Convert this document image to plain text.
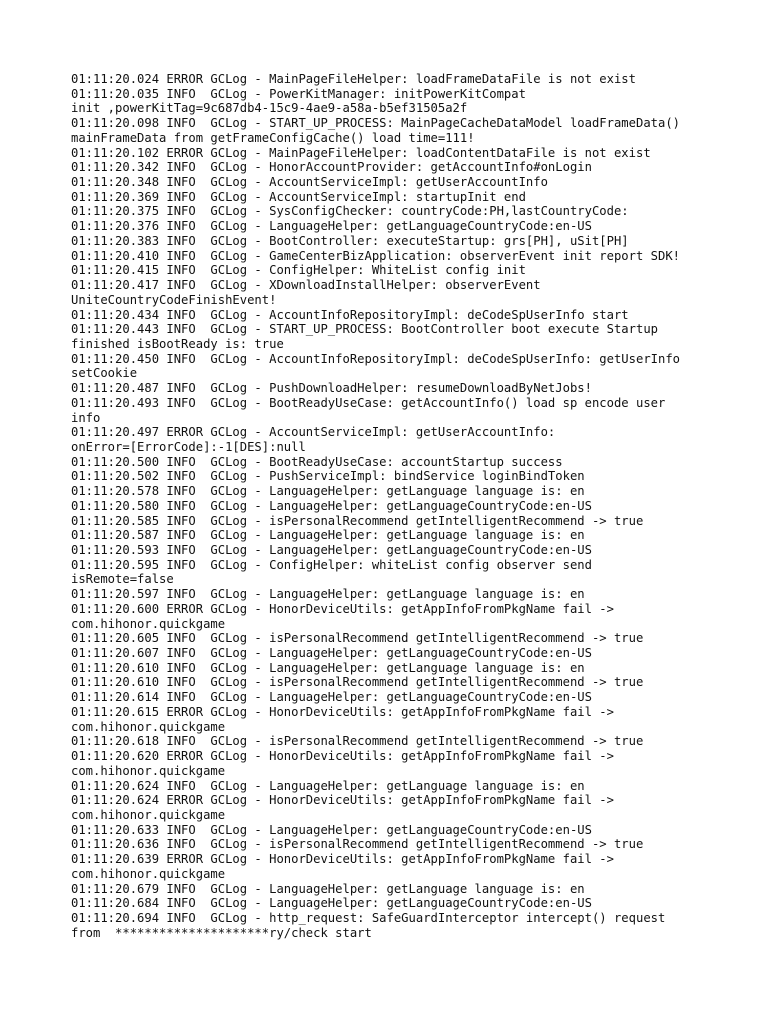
01:11:20.024 ERROR GCLog - MainPageFileHelper: loadFrameDataFile is not exist
01:11:20.035 INFO  GCLog - PowerKitManager: initPowerKitCompat
init ,powerKitTag=9c687db4-15c9-4ae9-a58a-b5ef31505a2f
01:11:20.098 INFO  GCLog - START_UP_PROCESS: MainPageCacheDataModel loadFrameData()
mainFrameData from getFrameConfigCache() load time=111!
01:11:20.102 ERROR GCLog - MainPageFileHelper: loadContentDataFile is not exist
01:11:20.342 INFO  GCLog - HonorAccountProvider: getAccountInfo#onLogin
01:11:20.348 INFO  GCLog - AccountServiceImpl: getUserAccountInfo
01:11:20.369 INFO  GCLog - AccountServiceImpl: startupInit end
01:11:20.375 INFO  GCLog - SysConfigChecker: countryCode:PH,lastCountryCode:
01:11:20.376 INFO  GCLog - LanguageHelper: getLanguageCountryCode:en-US
01:11:20.383 INFO  GCLog - BootController: executeStartup: grs[PH], uSit[PH]
01:11:20.410 INFO  GCLog - GameCenterBizApplication: observerEvent init report SDK!
01:11:20.415 INFO  GCLog - ConfigHelper: WhiteList config init
01:11:20.417 INFO  GCLog - XDownloadInstallHelper: observerEvent
UniteCountryCodeFinishEvent!
01:11:20.434 INFO  GCLog - AccountInfoRepositoryImpl: deCodeSpUserInfo start
01:11:20.443 INFO  GCLog - START_UP_PROCESS: BootController boot execute Startup
finished isBootReady is: true
01:11:20.450 INFO  GCLog - AccountInfoRepositoryImpl: deCodeSpUserInfo: getUserInfo
setCookie
01:11:20.487 INFO  GCLog - PushDownloadHelper: resumeDownloadByNetJobs!
01:11:20.493 INFO  GCLog - BootReadyUseCase: getAccountInfo() load sp encode user
info
01:11:20.497 ERROR GCLog - AccountServiceImpl: getUserAccountInfo:
onError=[ErrorCode]:-1[DES]:null
01:11:20.500 INFO  GCLog - BootReadyUseCase: accountStartup success
01:11:20.502 INFO  GCLog - PushServiceImpl: bindService loginBindToken
01:11:20.578 INFO  GCLog - LanguageHelper: getLanguage language is: en
01:11:20.580 INFO  GCLog - LanguageHelper: getLanguageCountryCode:en-US
01:11:20.585 INFO  GCLog - isPersonalRecommend getIntelligentRecommend -> true
01:11:20.587 INFO  GCLog - LanguageHelper: getLanguage language is: en
01:11:20.593 INFO  GCLog - LanguageHelper: getLanguageCountryCode:en-US
01:11:20.595 INFO  GCLog - ConfigHelper: whiteList config observer send
isRemote=false
01:11:20.597 INFO  GCLog - LanguageHelper: getLanguage language is: en
01:11:20.600 ERROR GCLog - HonorDeviceUtils: getAppInfoFromPkgName fail ->
com.hihonor.quickgame
01:11:20.605 INFO  GCLog - isPersonalRecommend getIntelligentRecommend -> true
01:11:20.607 INFO  GCLog - LanguageHelper: getLanguageCountryCode:en-US
01:11:20.610 INFO  GCLog - LanguageHelper: getLanguage language is: en
01:11:20.610 INFO  GCLog - isPersonalRecommend getIntelligentRecommend -> true
01:11:20.614 INFO  GCLog - LanguageHelper: getLanguageCountryCode:en-US
01:11:20.615 ERROR GCLog - HonorDeviceUtils: getAppInfoFromPkgName fail ->
com.hihonor.quickgame
01:11:20.618 INFO  GCLog - isPersonalRecommend getIntelligentRecommend -> true
01:11:20.620 ERROR GCLog - HonorDeviceUtils: getAppInfoFromPkgName fail ->
com.hihonor.quickgame
01:11:20.624 INFO  GCLog - LanguageHelper: getLanguage language is: en
01:11:20.624 ERROR GCLog - HonorDeviceUtils: getAppInfoFromPkgName fail ->
com.hihonor.quickgame
01:11:20.633 INFO  GCLog - LanguageHelper: getLanguageCountryCode:en-US
01:11:20.636 INFO  GCLog - isPersonalRecommend getIntelligentRecommend -> true
01:11:20.639 ERROR GCLog - HonorDeviceUtils: getAppInfoFromPkgName fail ->
com.hihonor.quickgame
01:11:20.679 INFO  GCLog - LanguageHelper: getLanguage language is: en
01:11:20.684 INFO  GCLog - LanguageHelper: getLanguageCountryCode:en-US
01:11:20.694 INFO  GCLog - http_request: SafeGuardInterceptor intercept() request
from  *********************ry/check start
